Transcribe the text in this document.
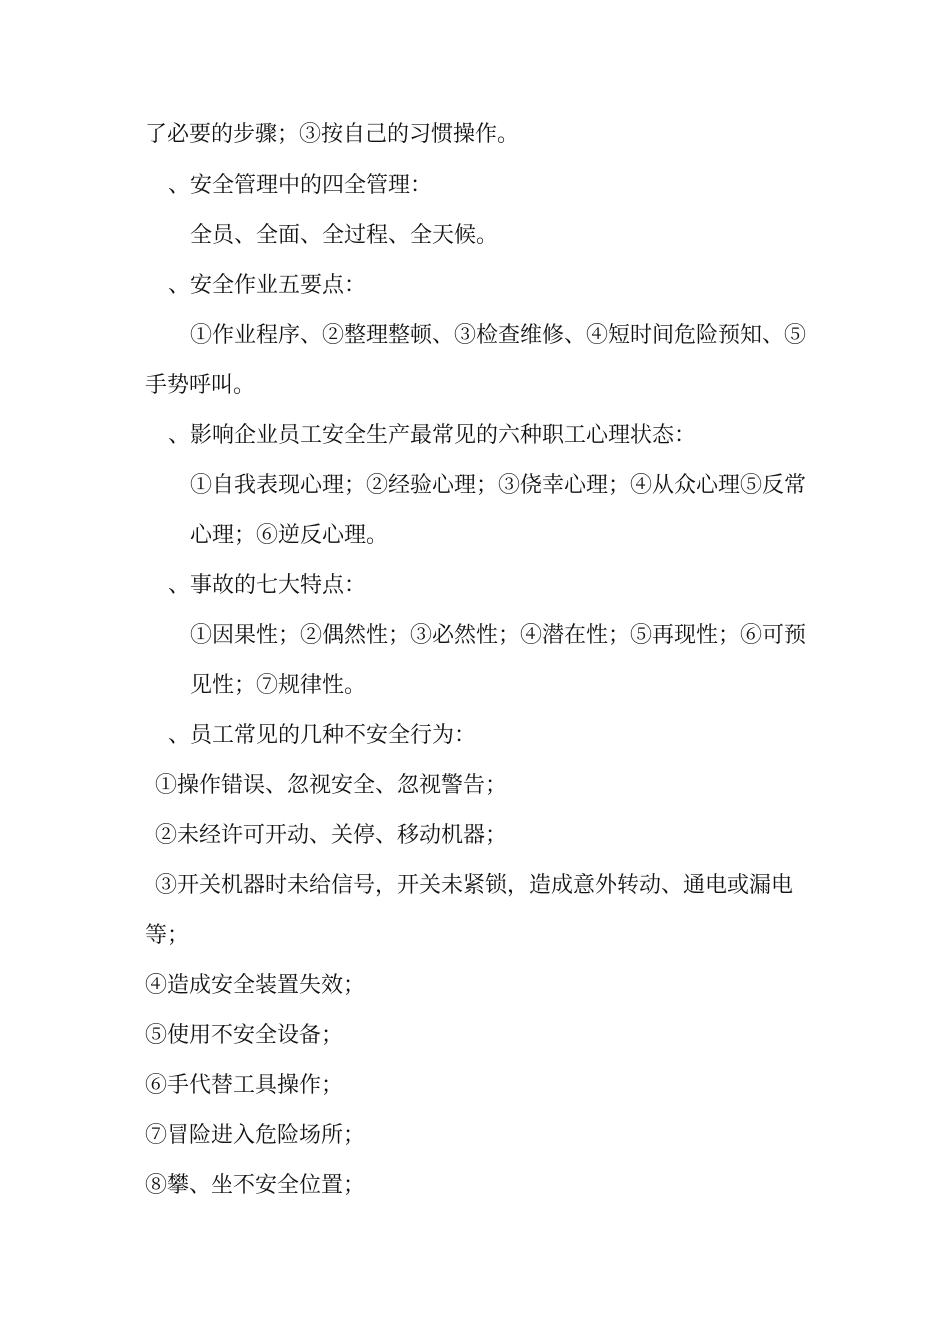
了必要的步骤；③按自己的习惯操作。
、安全管理中的四全管理：
全员、全面、全过程、全天候。
、安全作业五要点：
①作业程序、②整理整顿、③检查维修、④短时间危险预知、⑤
手势呼叫。
、影响企业员工安全生产最常见的六种职工心理状态：
①自我表现心理；②经验心理；③侥幸心理；④从众心理⑤反常
心理；⑥逆反心理。
、事故的七大特点：
①因果性；②偶然性；③必然性；④潜在性；⑤再现性；⑥可预
见性；⑦规律性。
、员工常见的几种不安全行为：
①操作错误、忽视安全、忽视警告；
②未经许可开动、关停、移动机器；
③开关机器时未给信号，开关未紧锁，造成意外转动、通电或漏电
等；
④造成安全装置失效；
⑤使用不安全设备；
⑥手代替工具操作；
⑦冒险进入危险场所；
⑧攀、坐不安全位置；
